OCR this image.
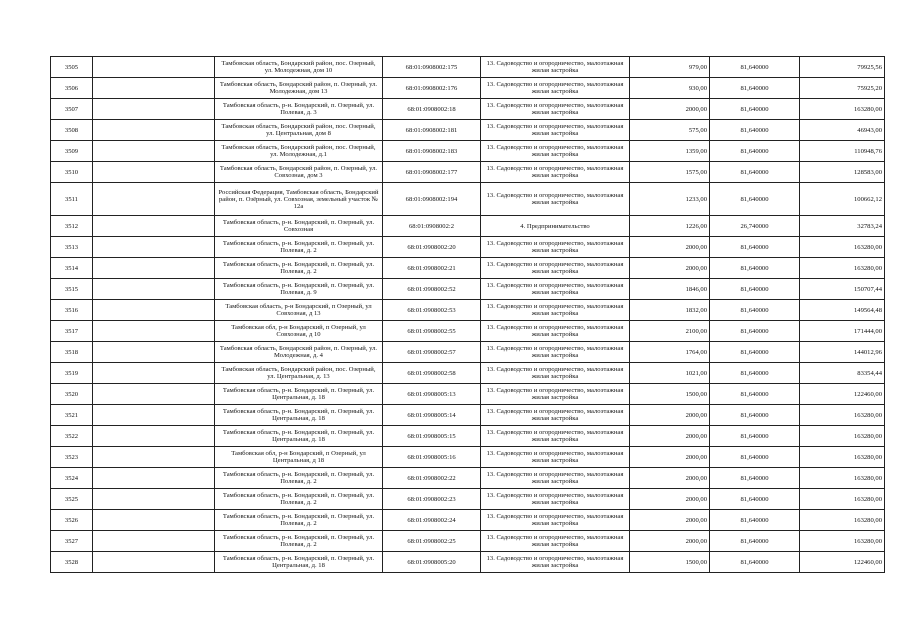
3505		Тамбовская область, Бондарский район, пос. Озерный, ул. Молодежная, дом 10	68:01:0908002:175	13. Садоводство и огородничество, малоэтажная жилая застройка	979,00	81,640000	79925,56
3506		Тамбовская область, Бондарский район, п. Озерный, ул. Молодежная, дом 13	68:01:0908002:176	13. Садоводство и огородничество, малоэтажная жилая застройка	930,00	81,640000	75925,20
3507		Тамбовская область, р-н. Бондарский, п. Озерный, ул. Полевая, д. 3	68:01:0908002:18	13. Садоводство и огородничество, малоэтажная жилая застройка	2000,00	81,640000	163280,00
3508		Тамбовская область, Бондарский район, пос. Озерный, ул. Центральная, дом 8	68:01:0908002:181	13. Садоводство и огородничество, малоэтажная жилая застройка	575,00	81,640000	46943,00
3509		Тамбовская область, Бондарский район, пос. Озерный, ул. Молодежная, д.1	68:01:0908002:183	13. Садоводство и огородничество, малоэтажная жилая застройка	1359,00	81,640000	110948,76
3510		Тамбовская область, Бондарский район, п. Озерный, ул. Совхозная, дом 3	68:01:0908002:177	13. Садоводство и огородничество, малоэтажная жилая застройка	1575,00	81,640000	128583,00
3511		Российская Федерация, Тамбовская область, Бондарский район, п. Озёрный, ул. Совхозная, земельный участок № 12а	68:01:0908002:194	13. Садоводство и огородничество, малоэтажная жилая застройка	1233,00	81,640000	100662,12
3512		Тамбовская область, р-н. Бондарский, п. Озерный, ул. Совхозная	68:01:0908002:2	4. Предпринимательство	1226,00	26,740000	32783,24
3513		Тамбовская область, р-н. Бондарский, п. Озерный, ул. Полевая, д. 2	68:01:0908002:20	13. Садоводство и огородничество, малоэтажная жилая застройка	2000,00	81,640000	163280,00
3514		Тамбовская область, р-н. Бондарский, п. Озерный, ул. Полевая, д. 2	68:01:0908002:21	13. Садоводство и огородничество, малоэтажная жилая застройка	2000,00	81,640000	163280,00
3515		Тамбовская область, р-н. Бондарский, п. Озерный, ул. Полевая, д. 9	68:01:0908002:52	13. Садоводство и огородничество, малоэтажная жилая застройка	1846,00	81,640000	150707,44
3516		Тамбовская область, р-н Бондарский, п Озерный, ул Совхозная, д 13	68:01:0908002:53	13. Садоводство и огородничество, малоэтажная жилая застройка	1832,00	81,640000	149564,48
3517		Тамбовская обл, р-н Бондарский, п Озерный, ул Совхозная, д 10	68:01:0908002:55	13. Садоводство и огородничество, малоэтажная жилая застройка	2100,00	81,640000	171444,00
3518		Тамбовская область, Бондарский район, п. Озерный, ул. Молодежная, д. 4	68:01:0908002:57	13. Садоводство и огородничество, малоэтажная жилая застройка	1764,00	81,640000	144012,96
3519		Тамбовская область, Бондарский район, пос. Озерный, ул. Центральная, д. 13	68:01:0908002:58	13. Садоводство и огородничество, малоэтажная жилая застройка	1021,00	81,640000	83354,44
3520		Тамбовская область, р-н. Бондарский, п. Озерный, ул. Центральная, д. 18	68:01:0908005:13	13. Садоводство и огородничество, малоэтажная жилая застройка	1500,00	81,640000	122460,00
3521		Тамбовская область, р-н. Бондарский, п. Озерный, ул. Центральная, д. 18	68:01:0908005:14	13. Садоводство и огородничество, малоэтажная жилая застройка	2000,00	81,640000	163280,00
3522		Тамбовская область, р-н. Бондарский, п. Озерный, ул. Центральная, д. 18	68:01:0908005:15	13. Садоводство и огородничество, малоэтажная жилая застройка	2000,00	81,640000	163280,00
3523		Тамбовская обл, р-н Бондарский, п Озерный, ул Центральная, д 18	68:01:0908005:16	13. Садоводство и огородничество, малоэтажная жилая застройка	2000,00	81,640000	163280,00
3524		Тамбовская область, р-н. Бондарский, п. Озерный, ул. Полевая, д. 2	68:01:0908002:22	13. Садоводство и огородничество, малоэтажная жилая застройка	2000,00	81,640000	163280,00
3525		Тамбовская область, р-н. Бондарский, п. Озерный, ул. Полевая, д. 2	68:01:0908002:23	13. Садоводство и огородничество, малоэтажная жилая застройка	2000,00	81,640000	163280,00
3526		Тамбовская область, р-н. Бондарский, п. Озерный, ул. Полевая, д. 2	68:01:0908002:24	13. Садоводство и огородничество, малоэтажная жилая застройка	2000,00	81,640000	163280,00
3527		Тамбовская область, р-н. Бондарский, п. Озерный, ул. Полевая, д. 2	68:01:0908002:25	13. Садоводство и огородничество, малоэтажная жилая застройка	2000,00	81,640000	163280,00
3528		Тамбовская область, р-н. Бондарский, п. Озерный, ул. Центральная, д. 18	68:01:0908005:20	13. Садоводство и огородничество, малоэтажная жилая застройка	1500,00	81,640000	122460,00
